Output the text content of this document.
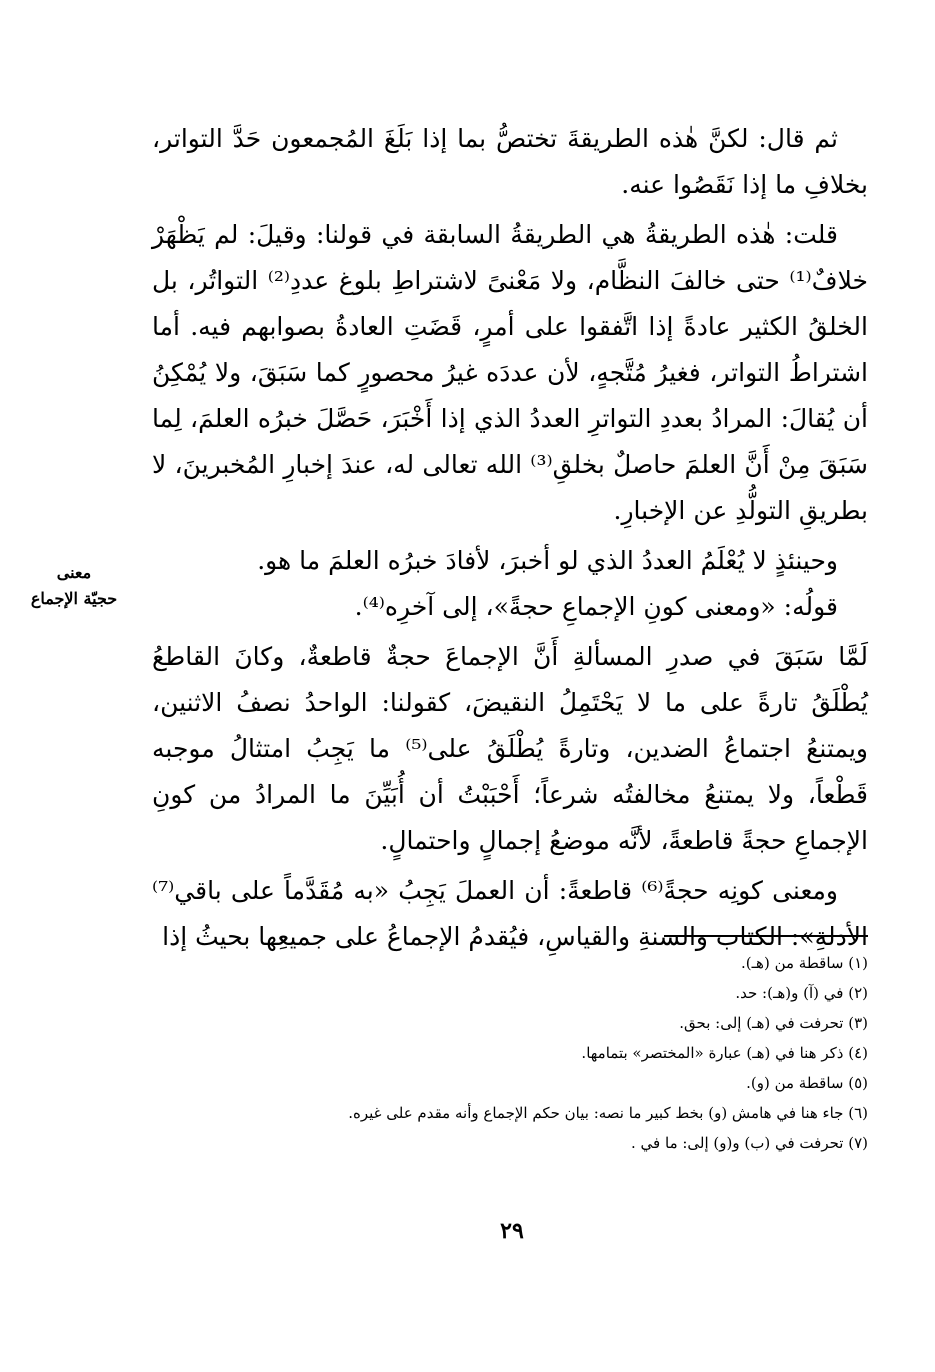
ثم قال: لكنَّ هٰذه الطريقةَ تختصُّ بما إذا بَلَغَ المُجمعون حَدَّ التواتر، بخلافِ ما إذا نَقَصُوا عنه.

قلت: هٰذه الطريقةُ هي الطريقةُ السابقة في قولنا: وقيلَ: لم يَظْهَرْ خلافٌ⁽¹⁾ حتى خالفَ النظَّام، ولا مَعْنىً لاشتراطِ بلوغ عددِ⁽²⁾ التواتُر، بل الخلقُ الكثير عادةً إذا اتَّفقوا على أمرٍ، قَضَتِ العادةُ بصوابهم فيه. أما اشتراطُ التواتر، فغيرُ مُتَّجهٍ، لأن عددَه غيرُ محصورٍ كما سَبَقَ، ولا يُمْكِنُ أن يُقالَ: المرادُ بعددِ التواترِ العددُ الذي إذا أَخْبَرَ، حَصَّلَ خبرُه العلمَ، لِما سَبَقَ مِنْ أَنَّ العلمَ حاصلٌ بخلقِ⁽³⁾ الله تعالى له، عندَ إخبارِ المُخبرينَ، لا بطريقِ التولُّدِ عن الإخبارِ.

وحينئذٍ لا يُعْلَمُ العددُ الذي لو أخبرَ، لأفادَ خبرُه العلمَ ما هو.

قولُه: «ومعنى كونِ الإجماعِ حجةً»، إلى آخرِه⁽⁴⁾.

لَمَّا سَبَقَ في صدرِ المسألةِ أَنَّ الإجماعَ حجةٌ قاطعةٌ، وكانَ القاطعُ يُطْلَقُ تارةً على ما لا يَحْتَمِلُ النقيضَ، كقولنا: الواحدُ نصفُ الاثنين، ويمتنعُ اجتماعُ الضدين، وتارةً يُطْلَقُ على⁽⁵⁾ ما يَجِبُ امتثالُ موجبه قَطْعاً، ولا يمتنعُ مخالفتُه شرعاً؛ أَحْبَبْتُ أن أُبَيِّنَ ما المرادُ من كونِ الإجماعِ حجةً قاطعةً، لأنَّه موضعُ إجمالٍ واحتمالٍ.

ومعنى كونِه حجةً⁽⁶⁾ قاطعةً: أن العملَ يَجِبُ «به مُقَدَّماً على باقي⁽⁷⁾ الأدلةِ»: الكتاب والسنةِ والقياسِ، فيُقدمُ الإجماعُ على جميعِها بحيثُ إذا

معنى
حجيّة الإجماع

(١) ساقطة من (هـ).

(٢) في (آ) و(هـ): حد.

(٣) تحرفت في (هـ) إلى: بحق.

(٤) ذكر هنا في (هـ) عبارة «المختصر» بتمامها.

(٥) ساقطة من (و).

(٦) جاء هنا في هامش (و) بخط كبير ما نصه: بيان حكم الإجماع وأنه مقدم على غيره.

(٧) تحرفت في (ب) و(و) إلى: ما في .

٢٩
